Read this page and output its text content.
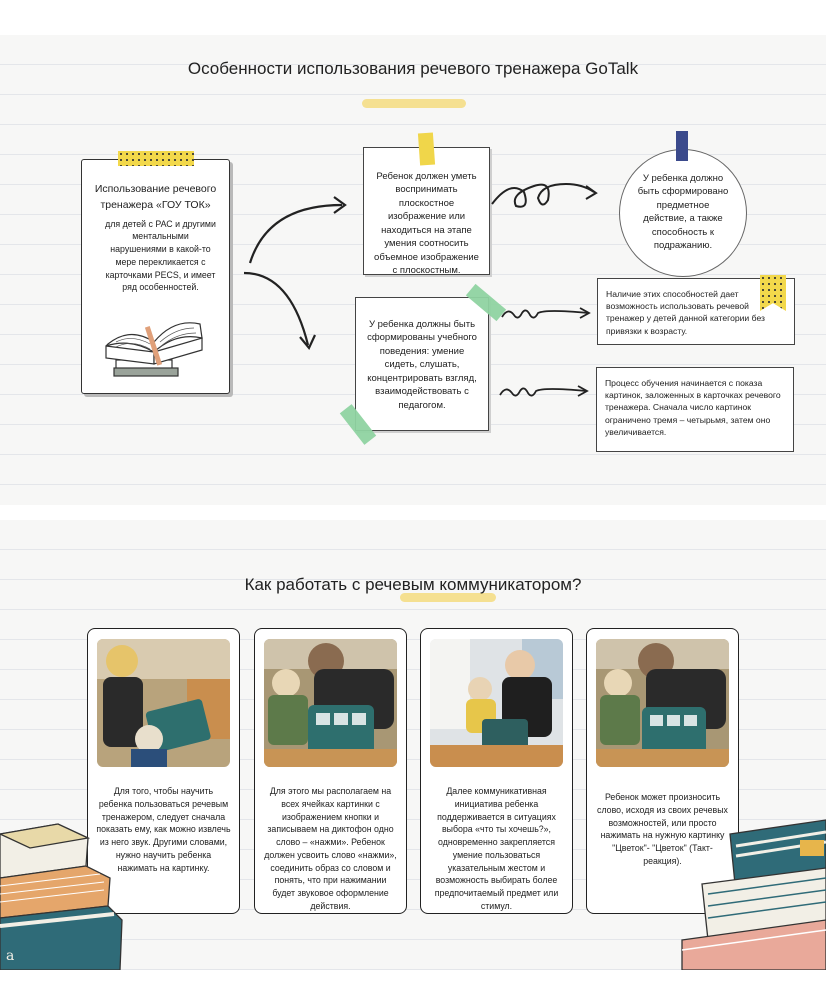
Особенности использования речевого тренажера GoTalk

Использование речевого тренажера «ГОУ ТОК»

для детей с РАС и другими ментальными нарушениями в какой-то мере перекликается с карточками PECS, и имеет ряд особенностей.

Ребенок должен уметь воспринимать плоскостное изображение или находиться на этапе умения соотносить объемное изображение с плоскостным.

У ребенка должно быть сформировано предметное действие, а также способность к подражанию.

У ребенка должны быть сформированы учебного поведения: умение сидеть, слушать, концентрировать взгляд, взаимодействовать с педагогом.

Наличие этих способностей дает возможность использовать речевой тренажер у детей данной категории без привязки к возрасту.

Процесс обучения начинается с показа картинок, заложенных в карточках речевого тренажера. Сначала число картинок ограничено тремя – четырьмя, затем оно увеличивается.

Как работать с речевым коммуникатором?
Для того, чтобы научить ребенка пользоваться речевым тренажером, следует сначала показать ему, как можно извлечь из него звук. Другими словами, нужно научить ребенка нажимать на картинку.
Для этого мы располагаем на всех ячейках картинки с изображением кнопки и записываем на диктофон одно слово – «нажми». Ребенок должен усвоить слово «нажми», соединить образ со словом и понять, что при нажимании будет звуковое оформление действия.
Далее коммуникативная инициатива ребенка поддерживается в ситуациях выбора «что ты хочешь?», одновременно закрепляется умение пользоваться указательным жестом и возможность выбирать более предпочитаемый предмет или стимул.
Ребенок может произносить слово, исходя из своих речевых возможностей, или просто нажимать на нужную картинку "Цветок"- "Цветок" (Такт-реакция).
a
